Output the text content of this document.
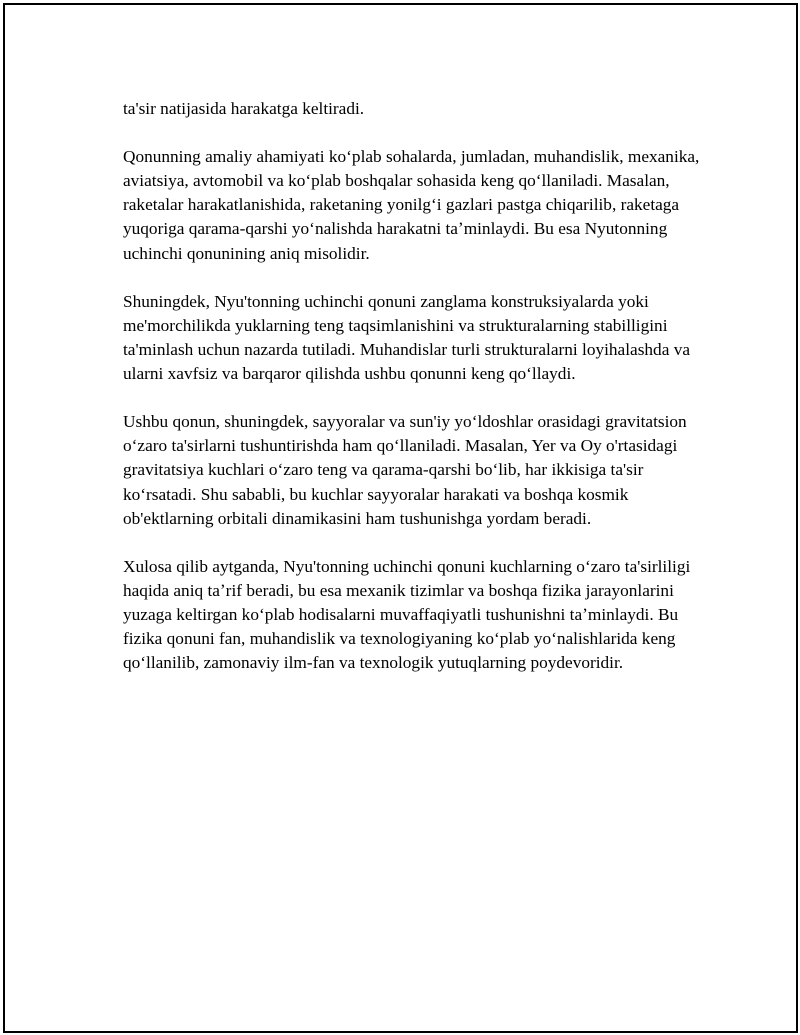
ta'sir natijasida harakatga keltiradi.

Qonunning amaliy ahamiyati koʻplab sohalarda, jumladan, muhandislik, mexanika, aviatsiya, avtomobil va koʻplab boshqalar sohasida keng qoʻllaniladi. Masalan, raketalar harakatlanishida, raketaning yonilgʻi gazlari pastga chiqarilib, raketaga yuqoriga qarama-qarshi yoʻnalishda harakatni taʼminlaydi. Bu esa Nyutonning uchinchi qonunining aniq misolidir.

Shuningdek, Nyu'tonning uchinchi qonuni zanglama konstruksiyalarda yoki me'morchilikda yuklarning teng taqsimlanishini va strukturalarning stabilligini ta'minlash uchun nazarda tutiladi. Muhandislar turli strukturalarni loyihalashda va ularni xavfsiz va barqaror qilishda ushbu qonunni keng qoʻllaydi.

Ushbu qonun, shuningdek, sayyoralar va sun'iy yoʻldoshlar orasidagi gravitatsion oʻzaro ta'sirlarni tushuntirishda ham qoʻllaniladi. Masalan, Yer va Oy o'rtasidagi gravitatsiya kuchlari oʻzaro teng va qarama-qarshi boʻlib, har ikkisiga ta'sir koʻrsatadi. Shu sababli, bu kuchlar sayyoralar harakati va boshqa kosmik ob'ektlarning orbitali dinamikasini ham tushunishga yordam beradi.

Xulosa qilib aytganda, Nyu'tonning uchinchi qonuni kuchlarning oʻzaro ta'sirliligi haqida aniq taʼrif beradi, bu esa mexanik tizimlar va boshqa fizika jarayonlarini yuzaga keltirgan koʻplab hodisalarni muvaffaqiyatli tushunishni taʼminlaydi. Bu fizika qonuni fan, muhandislik va texnologiyaning koʻplab yoʻnalishlarida keng qoʻllanilib, zamonaviy ilm-fan va texnologik yutuqlarning poydevoridir.
